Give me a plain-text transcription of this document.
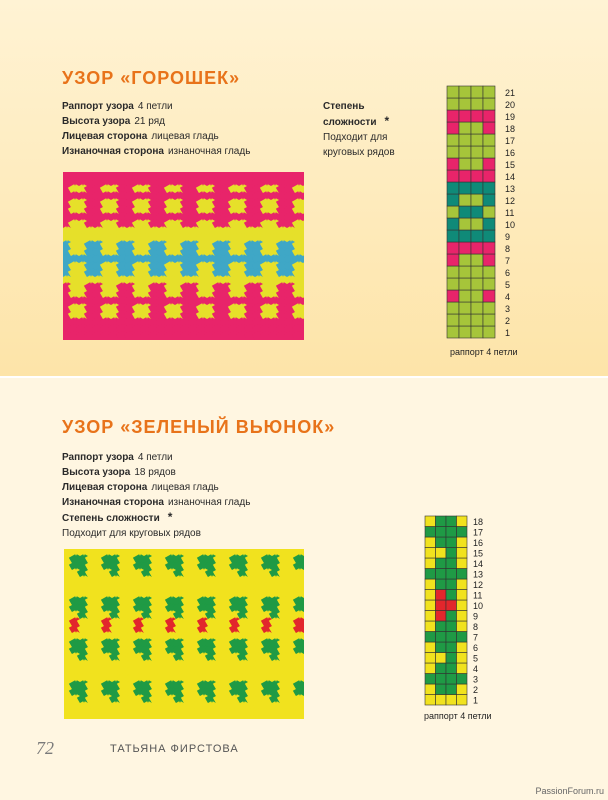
УЗОР «ГОРОШЕК»
Раппорт узора 4 петли
Высота узора 21 ряд
Лицевая сторона лицевая гладь
Изнаночная сторона изнаночная гладь
Степень
сложности *
Подходит для
круговых рядов
1
2
3
4
5
6
7
8
9
10
11
12
13
14
15
16
17
18
19
20
21
раппорт 4 петли
УЗОР «ЗЕЛЕНЫЙ ВЬЮНОК»
Раппорт узора 4 петли
Высота узора 18 рядов
Лицевая сторона лицевая гладь
Изнаночная сторона изнаночная гладь
Степень сложности *
Подходит для круговых рядов
1
2
3
4
5
6
7
8
9
10
11
12
13
14
15
16
17
18
раппорт 4 петли
72	ТАТЬЯНА ФИРСТОВА
PassionForum.ru
